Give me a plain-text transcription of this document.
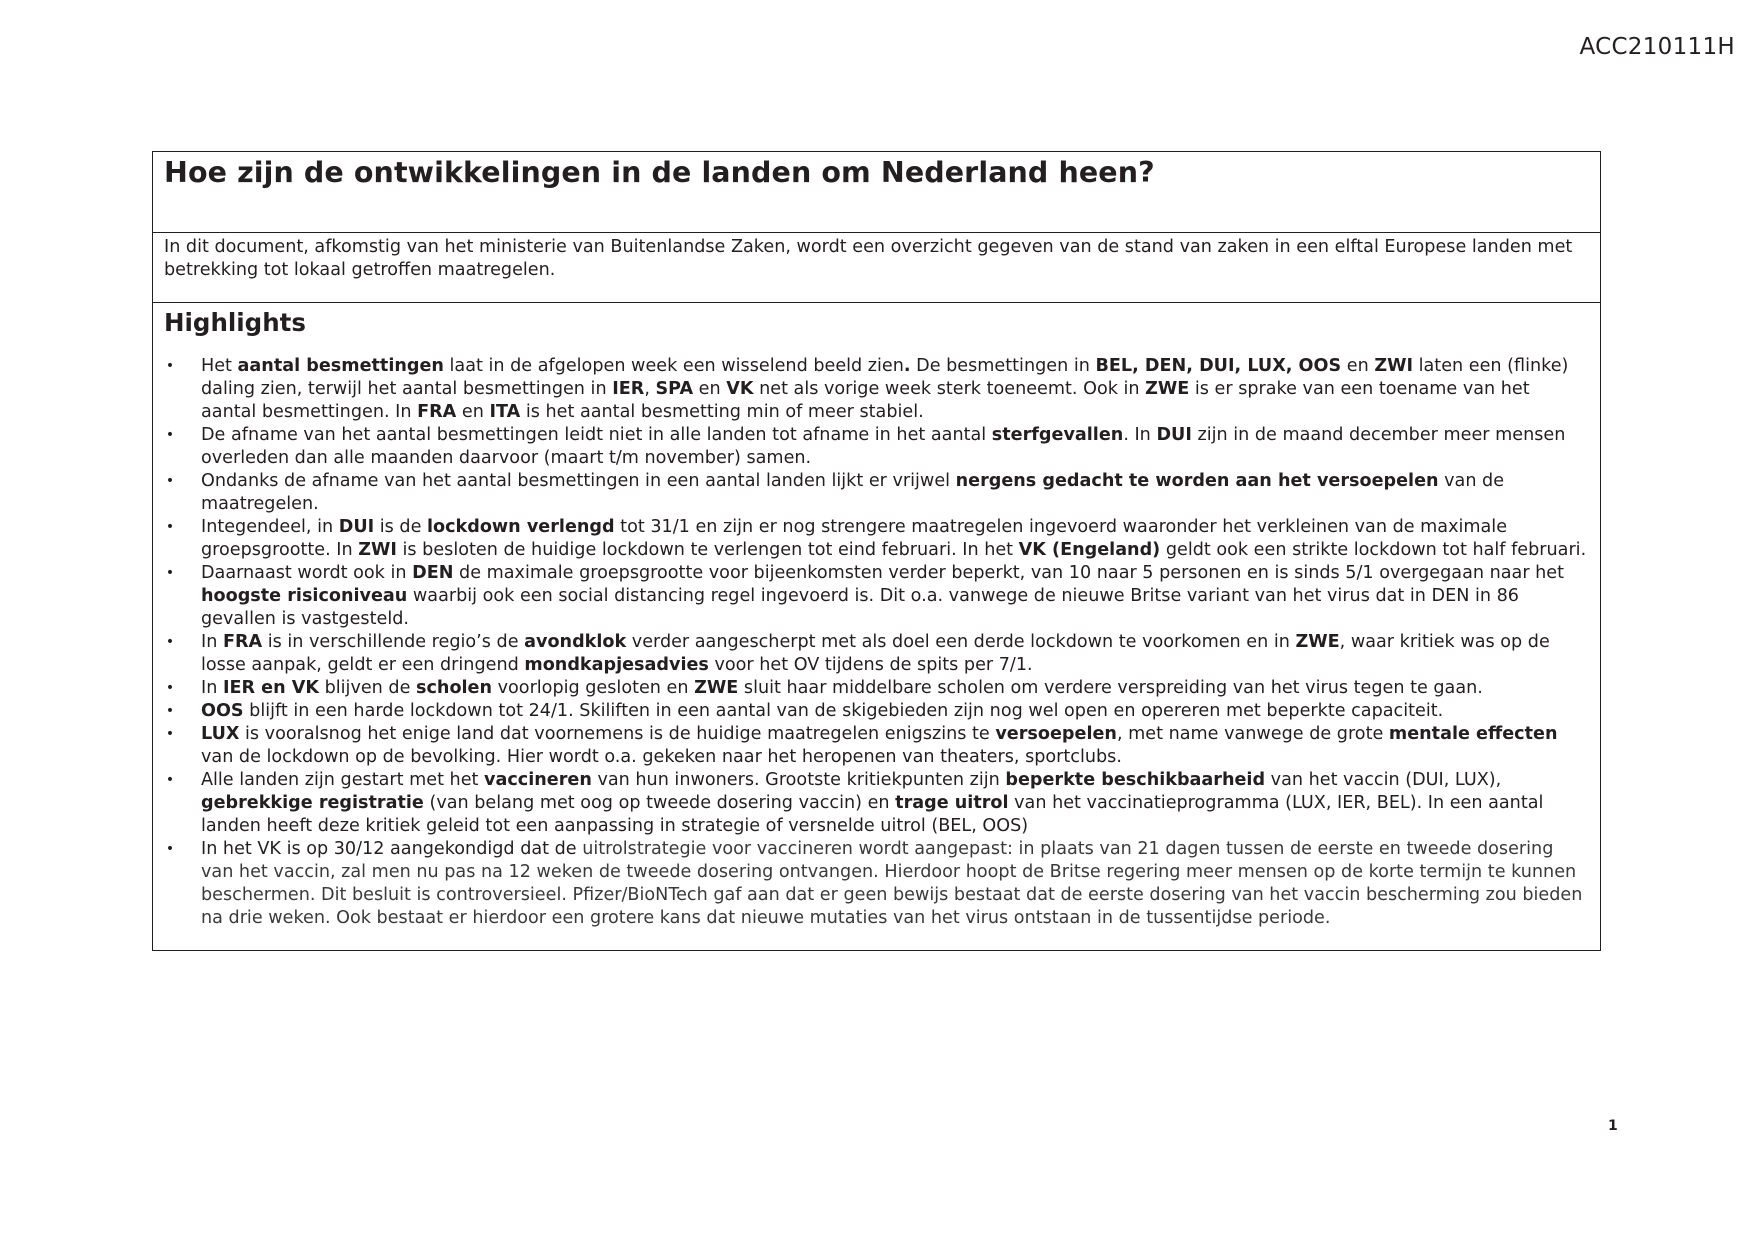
ACC210111H
Hoe zijn de ontwikkelingen in de landen om Nederland heen?

In dit document, afkomstig van het ministerie van Buitenlandse Zaken, wordt een overzicht gegeven van de stand van zaken in een elftal Europese landen met betrekking tot lokaal getroffen maatregelen.

Highlights
• Het aantal besmettingen laat in de afgelopen week een wisselend beeld zien. De besmettingen in BEL, DEN, DUI, LUX, OOS en ZWI laten een (flinke) daling zien, terwijl het aantal besmettingen in IER, SPA en VK net als vorige week sterk toeneemt. Ook in ZWE is er sprake van een toename van het aantal besmettingen. In FRA en ITA is het aantal besmetting min of meer stabiel.
• De afname van het aantal besmettingen leidt niet in alle landen tot afname in het aantal sterfgevallen. In DUI zijn in de maand december meer mensen overleden dan alle maanden daarvoor (maart t/m november) samen.
• Ondanks de afname van het aantal besmettingen in een aantal landen lijkt er vrijwel nergens gedacht te worden aan het versoepelen van de maatregelen.
• Integendeel, in DUI is de lockdown verlengd tot 31/1 en zijn er nog strengere maatregelen ingevoerd waaronder het verkleinen van de maximale groepsgrootte. In ZWI is besloten de huidige lockdown te verlengen tot eind februari. In het VK (Engeland) geldt ook een strikte lockdown tot half februari.
• Daarnaast wordt ook in DEN de maximale groepsgrootte voor bijeenkomsten verder beperkt, van 10 naar 5 personen en is sinds 5/1 overgegaan naar het hoogste risiconiveau waarbij ook een social distancing regel ingevoerd is. Dit o.a. vanwege de nieuwe Britse variant van het virus dat in DEN in 86 gevallen is vastgesteld.
• In FRA is in verschillende regio’s de avondklok verder aangescherpt met als doel een derde lockdown te voorkomen en in ZWE, waar kritiek was op de losse aanpak, geldt er een dringend mondkapjesadvies voor het OV tijdens de spits per 7/1.
• In IER en VK blijven de scholen voorlopig gesloten en ZWE sluit haar middelbare scholen om verdere verspreiding van het virus tegen te gaan.
• OOS blijft in een harde lockdown tot 24/1. Skiliften in een aantal van de skigebieden zijn nog wel open en opereren met beperkte capaciteit.
• LUX is vooralsnog het enige land dat voornemens is de huidige maatregelen enigszins te versoepelen, met name vanwege de grote mentale effecten van de lockdown op de bevolking. Hier wordt o.a. gekeken naar het heropenen van theaters, sportclubs.
• Alle landen zijn gestart met het vaccineren van hun inwoners. Grootste kritiekpunten zijn beperkte beschikbaarheid van het vaccin (DUI, LUX), gebrekkige registratie (van belang met oog op tweede dosering vaccin) en trage uitrol van het vaccinatieprogramma (LUX, IER, BEL). In een aantal landen heeft deze kritiek geleid tot een aanpassing in strategie of versnelde uitrol (BEL, OOS)
• In het VK is op 30/12 aangekondigd dat de uitrolstrategie voor vaccineren wordt aangepast: in plaats van 21 dagen tussen de eerste en tweede dosering van het vaccin, zal men nu pas na 12 weken de tweede dosering ontvangen. Hierdoor hoopt de Britse regering meer mensen op de korte termijn te kunnen beschermen. Dit besluit is controversieel. Pfizer/BioNTech gaf aan dat er geen bewijs bestaat dat de eerste dosering van het vaccin bescherming zou bieden na drie weken. Ook bestaat er hierdoor een grotere kans dat nieuwe mutaties van het virus ontstaan in de tussentijdse periode.
1
